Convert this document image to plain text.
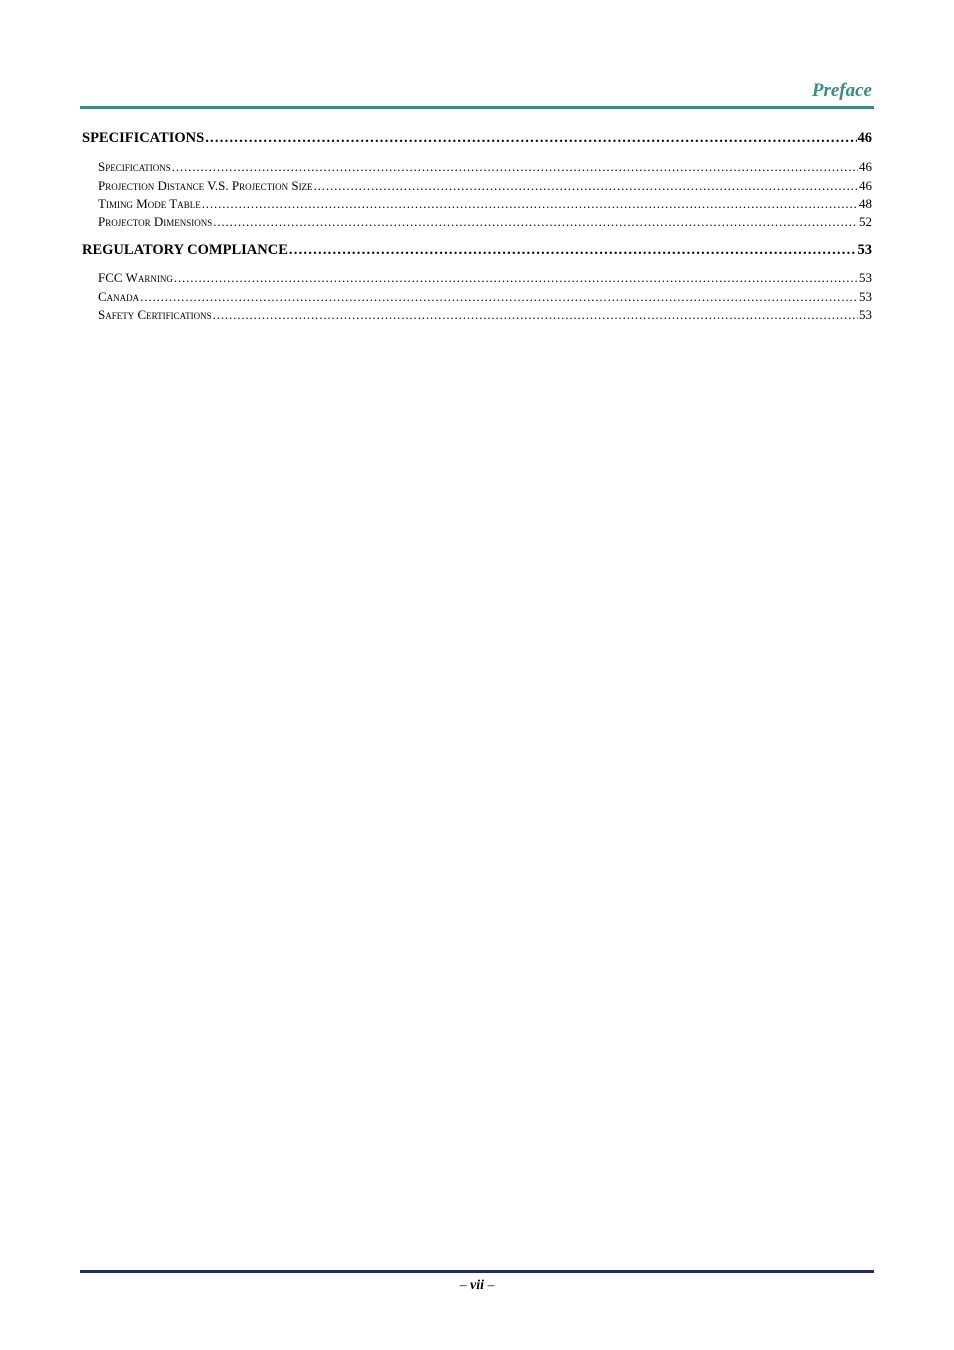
Preface
SPECIFICATIONS . . .	46
Specifications . . .	46
Projection Distance V.S. Projection Size . . .	46
Timing Mode Table . . .	48
Projector Dimensions . . .	52
REGULATORY COMPLIANCE . . .	53
FCC Warning . . .	53
Canada . . .	53
Safety Certifications . . .	53
– vii –
